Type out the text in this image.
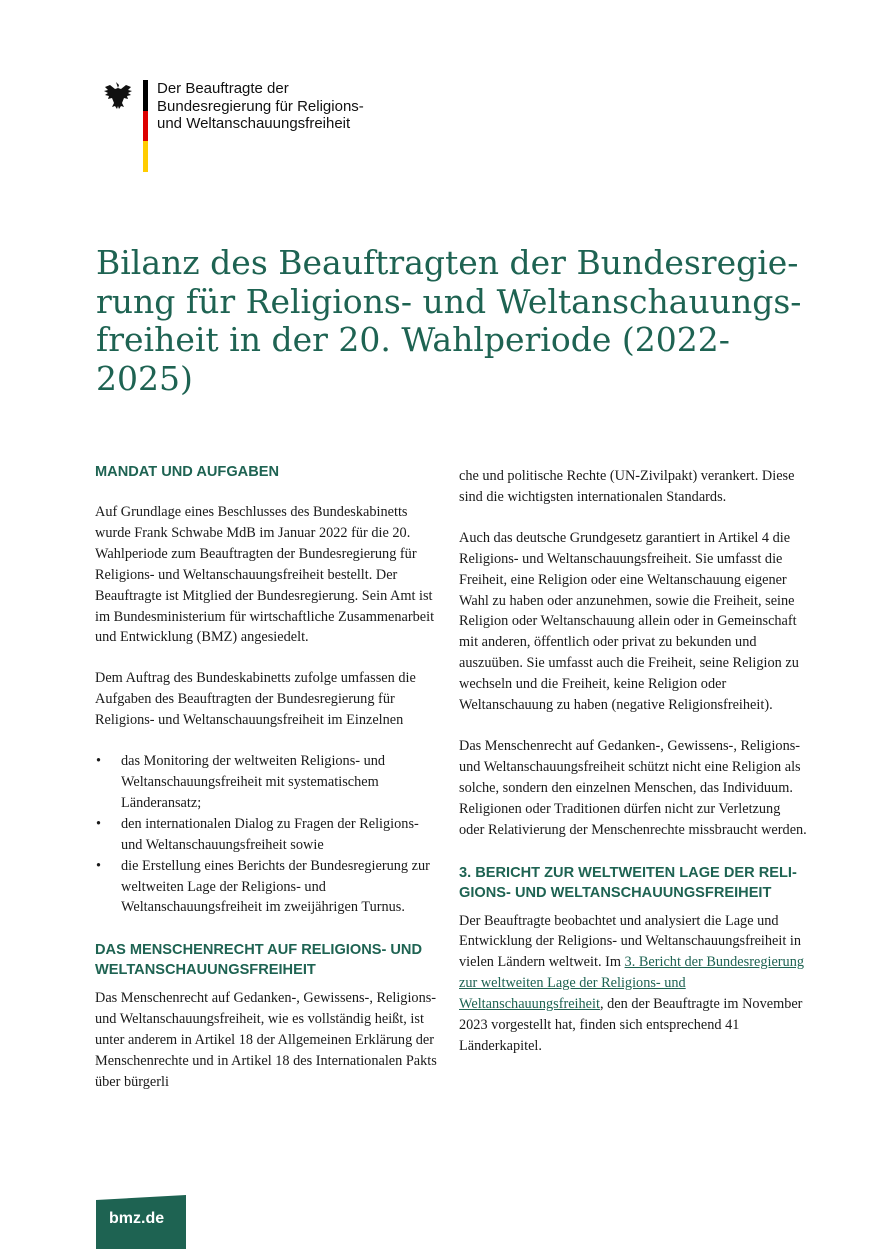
Der Beauftragte der
Bundesregierung für Religions-
und Weltanschauungsfreiheit
Bilanz des Beauftragten der Bundesregie-
rung für Religions- und Weltanschauungs-
freiheit in der 20. Wahlperiode (2022-
2025)
MANDAT UND AUFGABEN

Auf Grundlage eines Beschlusses des Bundeskabinetts wurde Frank Schwabe MdB im Januar 2022 für die 20. Wahlperiode zum Beauftragten der Bundesregierung für Religions- und Weltanschauungsfreiheit bestellt. Der Beauftragte ist Mitglied der Bundesregierung. Sein Amt ist im Bundesministerium für wirtschaftliche Zusammenarbeit und Entwicklung (BMZ) angesiedelt.

Dem Auftrag des Bundeskabinetts zufolge umfassen die Aufgaben des Beauftragten der Bundesregierung für Religions- und Weltanschauungsfreiheit im Einzelnen

• das Monitoring der weltweiten Religions- und Weltanschauungsfreiheit mit systematischem Länderansatz;
• den internationalen Dialog zu Fragen der Religions- und Weltanschauungsfreiheit sowie
• die Erstellung eines Berichts der Bundesregierung zur weltweiten Lage der Religions- und Weltanschauungsfreiheit im zweijährigen Turnus.
DAS MENSCHENRECHT AUF RELIGIONS- UND
WELTANSCHAUUNGSFREIHEIT

Das Menschenrecht auf Gedanken-, Gewissens-, Religions- und Weltanschauungsfreiheit, wie es vollständig heißt, ist unter anderem in Artikel 18 der Allgemeinen Erklärung der Menschenrechte und in Artikel 18 des Internationalen Pakts über bürgerli

che und politische Rechte (UN-Zivilpakt) verankert. Diese sind die wichtigsten internationalen Standards.

Auch das deutsche Grundgesetz garantiert in Artikel 4 die Religions- und Weltanschauungsfreiheit. Sie umfasst die Freiheit, eine Religion oder eine Weltanschauung eigener Wahl zu haben oder anzunehmen, sowie die Freiheit, seine Religion oder Weltanschauung allein oder in Gemeinschaft mit anderen, öffentlich oder privat zu bekunden und auszuüben. Sie umfasst auch die Freiheit, seine Religion zu wechseln und die Freiheit, keine Religion oder Weltanschauung zu haben (negative Religionsfreiheit).

Das Menschenrecht auf Gedanken-, Gewissens-, Religions- und Weltanschauungsfreiheit schützt nicht eine Religion als solche, sondern den einzelnen Menschen, das Individuum. Religionen oder Traditionen dürfen nicht zur Verletzung oder Relativierung der Menschenrechte missbraucht werden.

3. BERICHT ZUR WELTWEITEN LAGE DER RELI-
GIONS- UND WELTANSCHAUUNGSFREIHEIT

Der Beauftragte beobachtet und analysiert die Lage und Entwicklung der Religions- und Weltanschauungsfreiheit in vielen Ländern weltweit. Im 3. Bericht der Bundesregierung zur weltweiten Lage der Religions- und Weltanschauungsfreiheit, den der Beauftragte im November 2023 vorgestellt hat, finden sich entsprechend 41 Länderkapitel.

bmz.de
